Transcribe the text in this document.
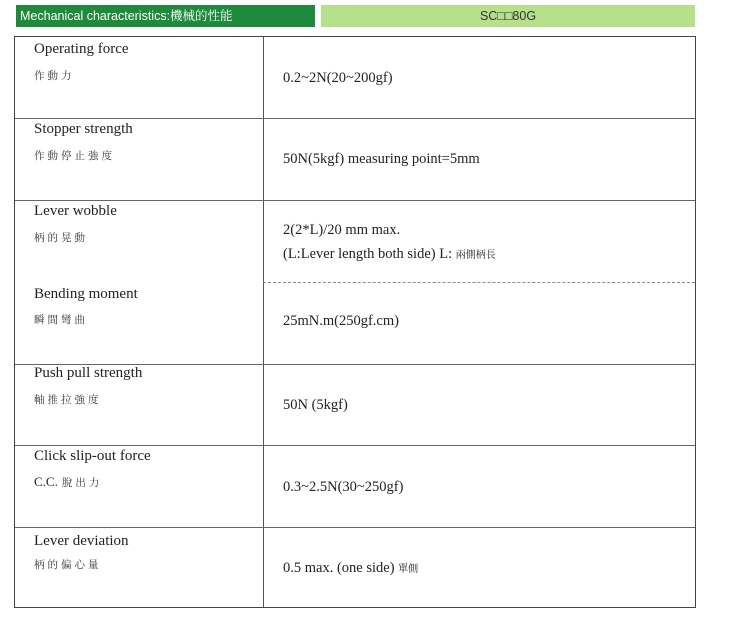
Mechanical characteristics:機械的性能	SC□□80G
Operating force
作動力	0.2~2N(20~200gf)
Stopper strength
作動停止強度	50N(5kgf) measuring point=5mm
Lever wobble
柄的晃動	2(2*L)/20 mm max.
(L:Lever length both side) L: 兩側柄長
Bending moment
瞬間彎曲	25mN.m(250gf.cm)
Push pull strength
軸推拉強度	50N (5kgf)
Click slip-out force
C.C. 脫出力	0.3~2.5N(30~250gf)
Lever deviation
柄的偏心量	0.5 max. (one side) 單側
